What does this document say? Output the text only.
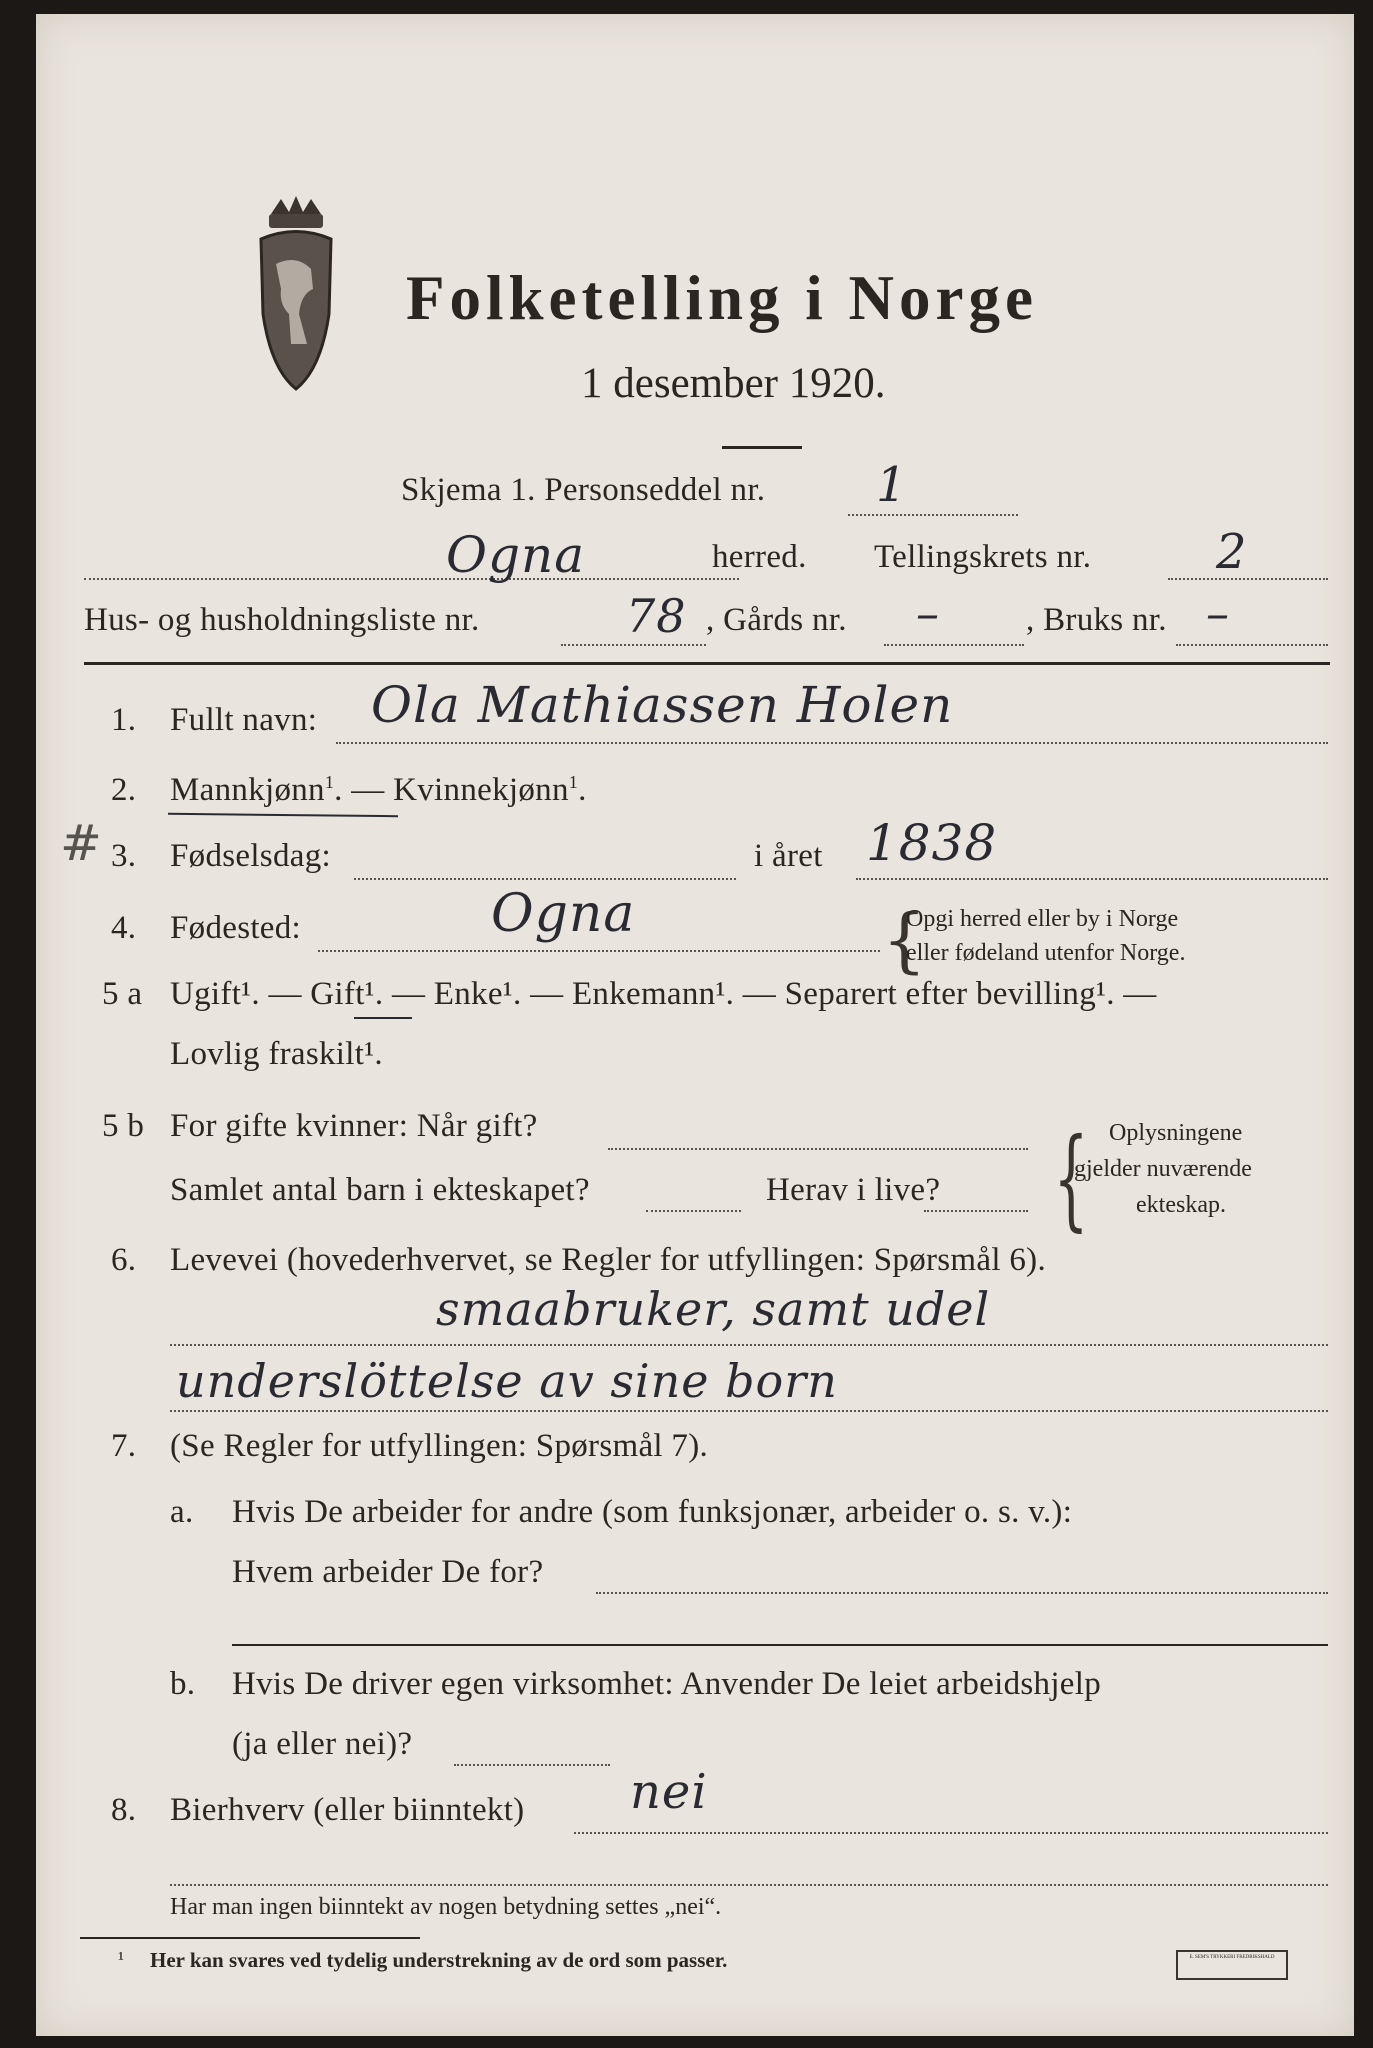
Folketelling i Norge
1 desember 1920.
Skjema 1. Personseddel nr. 1
Ogna	herred. Tellingskrets nr.	2
Hus- og husholdningsliste nr.	78 , Gårds nr. –	, Bruks nr. –
1. Fullt navn: Ola Mathiassen Holen
2. Mannkjønn$^1$. — Kvinnekjønn$^1$.
# 3. Fødselsdag:	i året 1838
4. Fødested:	Ogna	{
Opgi herred eller by i Norge
eller fødeland utenfor Norge.
5 a Ugift¹. — Gift¹. — Enke¹. — Enkemann¹. — Separert efter bevilling¹. —
Lovlig fraskilt¹.
5 b For gifte kvinner: Når gift?
Samlet antal barn i ekteskapet?	Herav i live? { Oplysningene
gjelder nuværende
ekteskap.
6. Levevei (hovederhvervet, se Regler for utfyllingen: Spørsmål 6).
smaabruker, samt udel
underslöttelse av sine born
7. (Se Regler for utfyllingen: Spørsmål 7).
a. Hvis De arbeider for andre (som funksjonær, arbeider o. s. v.):
Hvem arbeider De for?
b. Hvis De driver egen virksomhet: Anvender De leiet arbeidshjelp
(ja eller nei)?
8. Bierhverv (eller biinntekt) nei
Har man ingen biinntekt av nogen betydning settes „nei“.
¹ Her kan svares ved tydelig understrekning av de ord som passer.	E. SEM'S TRYKKERI FREDRIKSHALD
